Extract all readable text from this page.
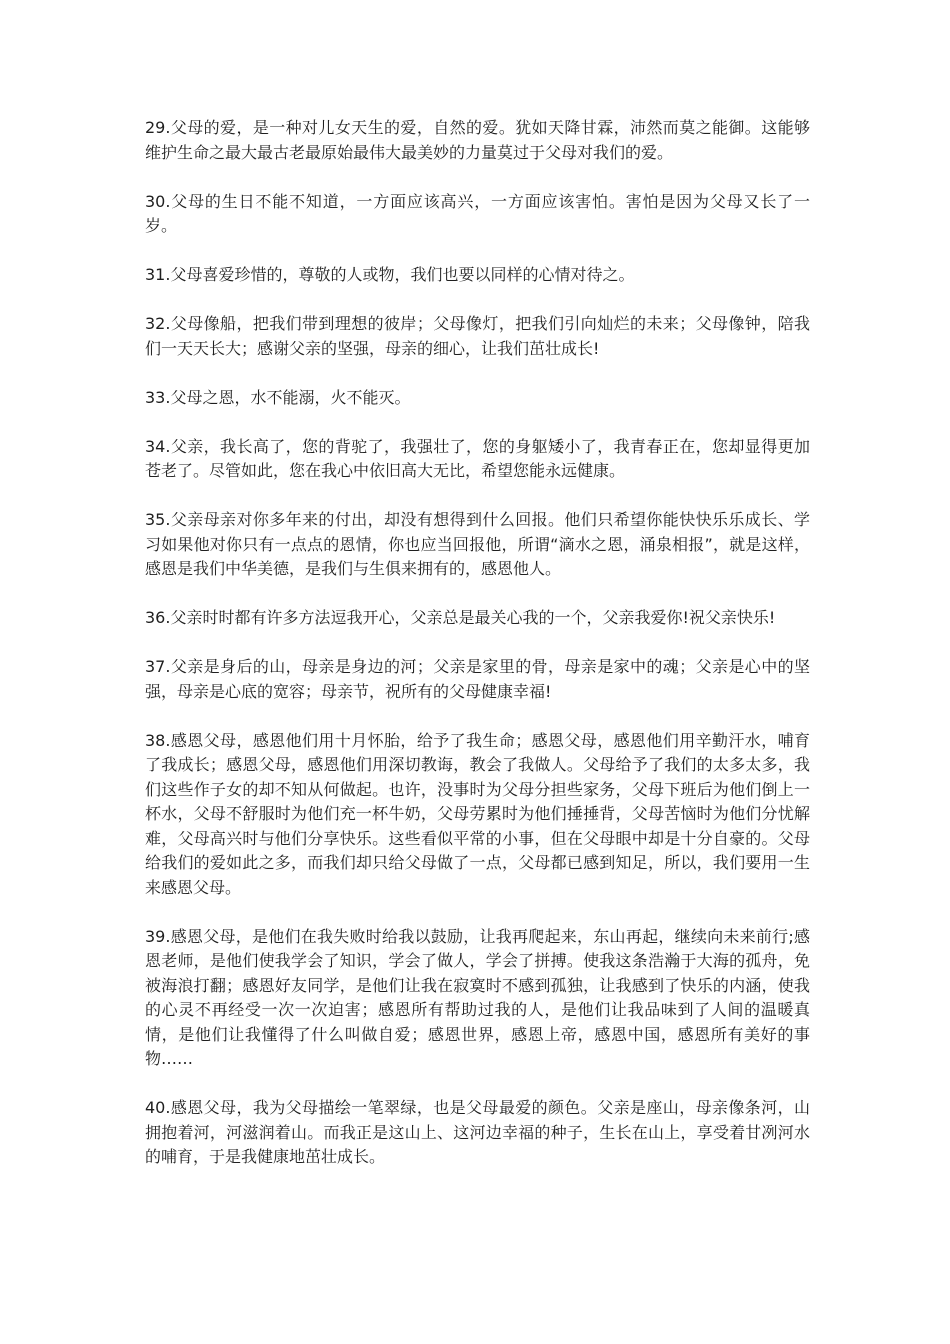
29.父母的爱，是一种对儿女天生的爱，自然的爱。犹如天降甘霖，沛然而莫之能御。这能够维护生命之最大最古老最原始最伟大最美妙的力量莫过于父母对我们的爱。

30.父母的生日不能不知道，一方面应该高兴，一方面应该害怕。害怕是因为父母又长了一岁。

31.父母喜爱珍惜的，尊敬的人或物，我们也要以同样的心情对待之。

32.父母像船，把我们带到理想的彼岸；父母像灯，把我们引向灿烂的未来；父母像钟，陪我们一天天长大；感谢父亲的坚强，母亲的细心，让我们茁壮成长!

33.父母之恩，水不能溺，火不能灭。

34.父亲，我长高了，您的背驼了，我强壮了，您的身躯矮小了，我青春正在，您却显得更加苍老了。尽管如此，您在我心中依旧高大无比，希望您能永远健康。

35.父亲母亲对你多年来的付出，却没有想得到什么回报。他们只希望你能快快乐乐成长、学习如果他对你只有一点点的恩情，你也应当回报他，所谓“滴水之恩，涌泉相报”，就是这样，感恩是我们中华美德，是我们与生俱来拥有的，感恩他人。

36.父亲时时都有许多方法逗我开心，父亲总是最关心我的一个，父亲我爱你!祝父亲快乐!

37.父亲是身后的山，母亲是身边的河；父亲是家里的骨，母亲是家中的魂；父亲是心中的坚强，母亲是心底的宽容；母亲节，祝所有的父母健康幸福!

38.感恩父母，感恩他们用十月怀胎，给予了我生命；感恩父母，感恩他们用辛勤汗水，哺育了我成长；感恩父母，感恩他们用深切教诲，教会了我做人。父母给予了我们的太多太多，我们这些作子女的却不知从何做起。也许，没事时为父母分担些家务，父母下班后为他们倒上一杯水，父母不舒服时为他们充一杯牛奶，父母劳累时为他们捶捶背，父母苦恼时为他们分忧解难，父母高兴时与他们分享快乐。这些看似平常的小事，但在父母眼中却是十分自豪的。父母给我们的爱如此之多，而我们却只给父母做了一点，父母都已感到知足，所以，我们要用一生来感恩父母。

39.感恩父母，是他们在我失败时给我以鼓励，让我再爬起来，东山再起，继续向未来前行;感恩老师，是他们使我学会了知识，学会了做人，学会了拼搏。使我这条浩瀚于大海的孤舟，免被海浪打翻；感恩好友同学，是他们让我在寂寞时不感到孤独，让我感到了快乐的内涵，使我的心灵不再经受一次一次迫害；感恩所有帮助过我的人，是他们让我品味到了人间的温暖真情，是他们让我懂得了什么叫做自爱；感恩世界，感恩上帝，感恩中国，感恩所有美好的事物……

40.感恩父母，我为父母描绘一笔翠绿，也是父母最爱的颜色。父亲是座山，母亲像条河，山拥抱着河，河滋润着山。而我正是这山上、这河边幸福的种子，生长在山上，享受着甘冽河水的哺育，于是我健康地茁壮成长。
